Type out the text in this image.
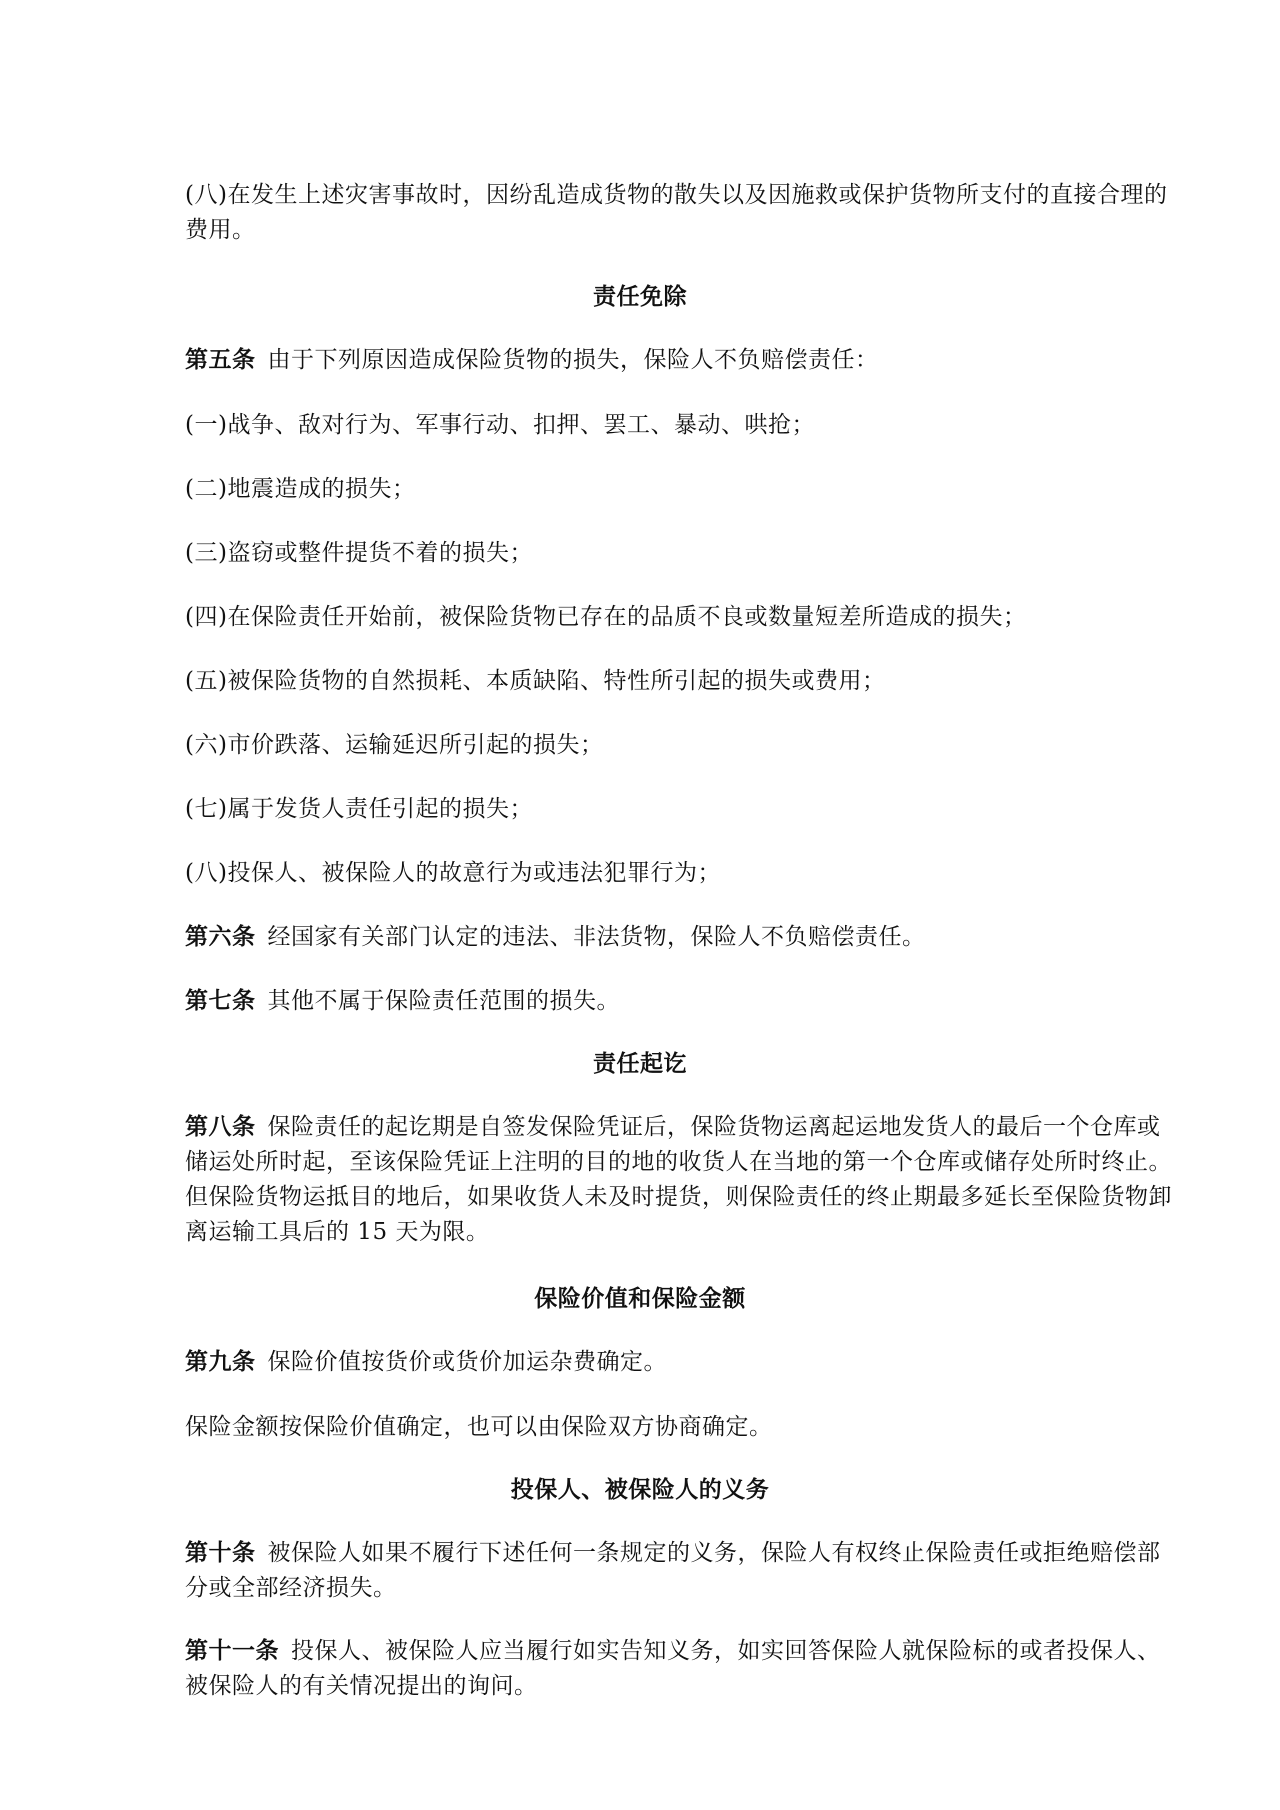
(八)在发生上述灾害事故时，因纷乱造成货物的散失以及因施救或保护货物所支付的直接合理的费用。

责任免除

第五条 由于下列原因造成保险货物的损失，保险人不负赔偿责任：

(一)战争、敌对行为、军事行动、扣押、罢工、暴动、哄抢；

(二)地震造成的损失；

(三)盗窃或整件提货不着的损失；

(四)在保险责任开始前，被保险货物已存在的品质不良或数量短差所造成的损失；

(五)被保险货物的自然损耗、本质缺陷、特性所引起的损失或费用；

(六)市价跌落、运输延迟所引起的损失；

(七)属于发货人责任引起的损失；

(八)投保人、被保险人的故意行为或违法犯罪行为；

第六条 经国家有关部门认定的违法、非法货物，保险人不负赔偿责任。

第七条 其他不属于保险责任范围的损失。

责任起讫

第八条 保险责任的起讫期是自签发保险凭证后，保险货物运离起运地发货人的最后一个仓库或储运处所时起，至该保险凭证上注明的目的地的收货人在当地的第一个仓库或储存处所时终止。但保险货物运抵目的地后，如果收货人未及时提货，则保险责任的终止期最多延长至保险货物卸离运输工具后的 15 天为限。

保险价值和保险金额

第九条 保险价值按货价或货价加运杂费确定。

保险金额按保险价值确定，也可以由保险双方协商确定。

投保人、被保险人的义务

第十条 被保险人如果不履行下述任何一条规定的义务，保险人有权终止保险责任或拒绝赔偿部分或全部经济损失。

第十一条 投保人、被保险人应当履行如实告知义务，如实回答保险人就保险标的或者投保人、被保险人的有关情况提出的询问。
